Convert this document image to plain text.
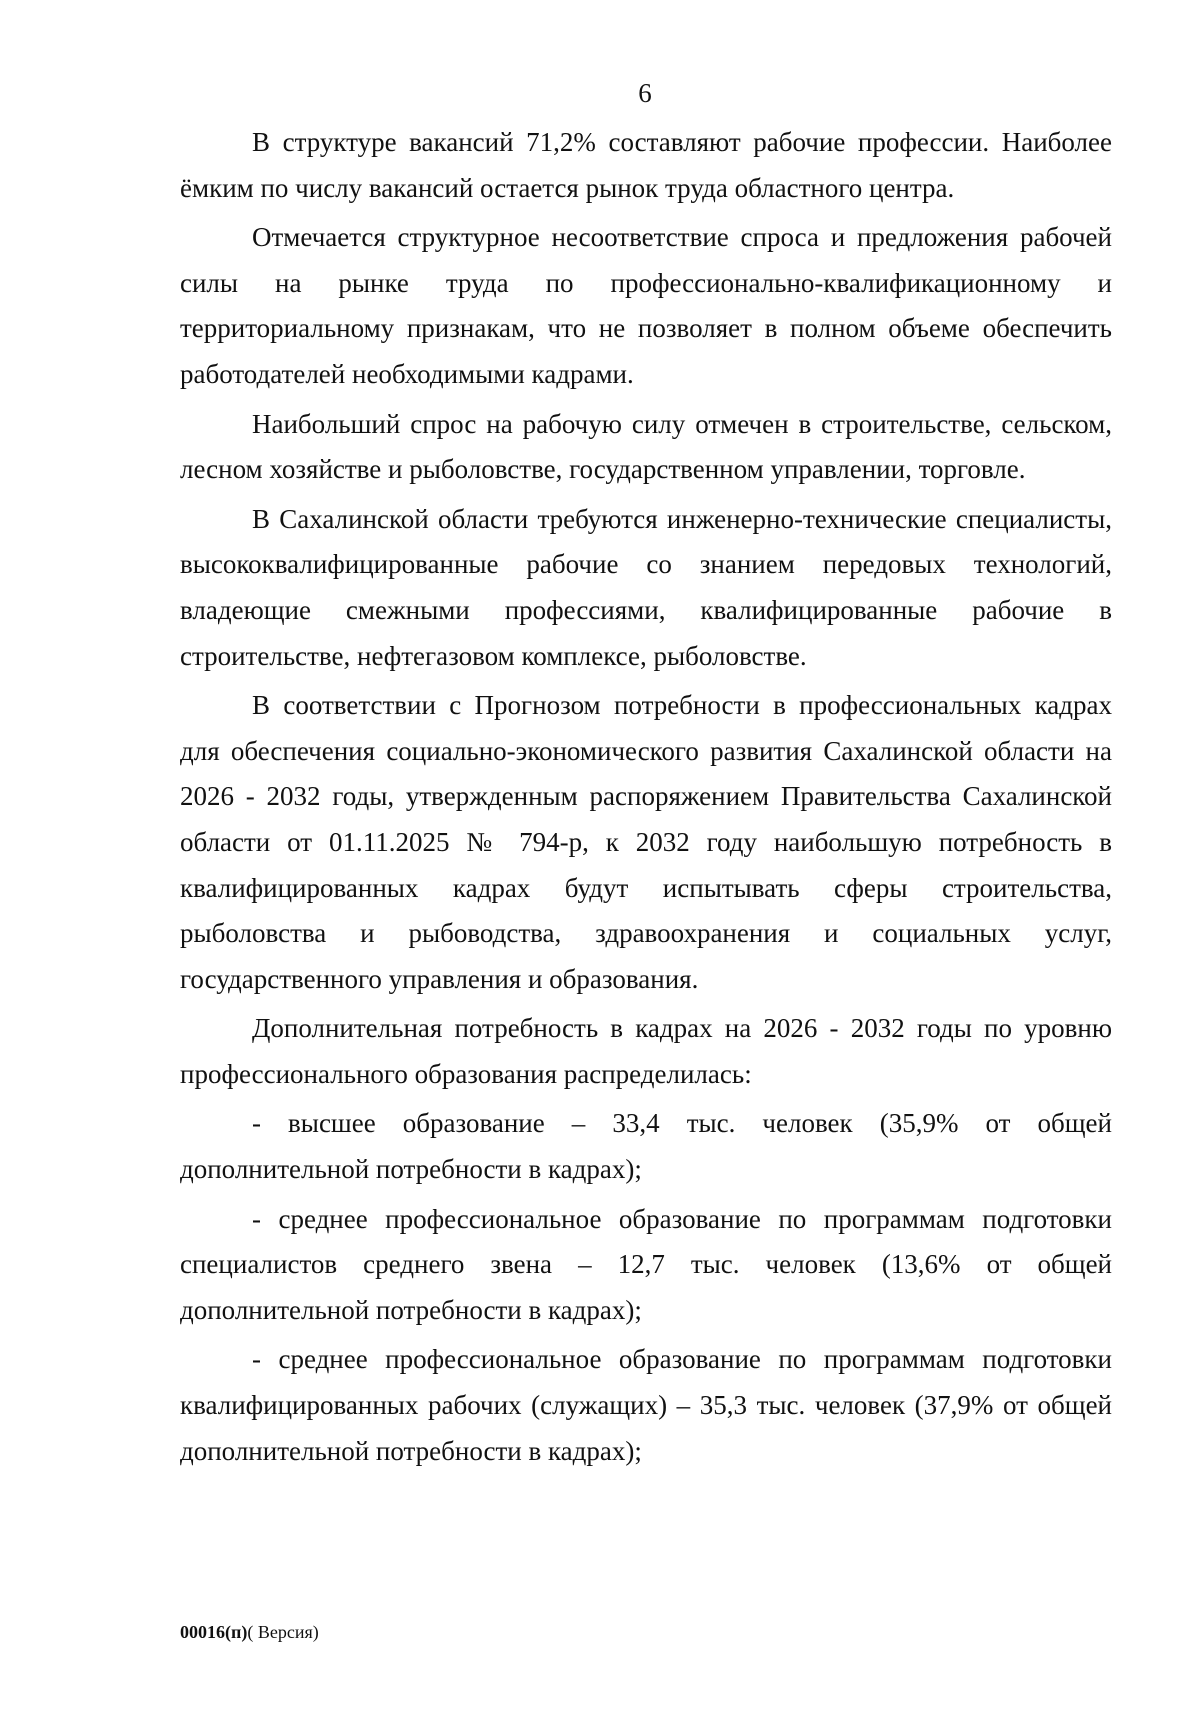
6

В структуре вакансий 71,2% составляют рабочие профессии. Наиболее ёмким по числу вакансий остается рынок труда областного центра.

Отмечается структурное несоответствие спроса и предложения рабочей силы на рынке труда по профессионально-квалификационному и территориальному признакам, что не позволяет в полном объеме обеспечить работодателей необходимыми кадрами.

Наибольший спрос на рабочую силу отмечен в строительстве, сельском, лесном хозяйстве и рыболовстве, государственном управлении, торговле.

В Сахалинской области требуются инженерно-технические специалисты, высококвалифицированные рабочие со знанием передовых технологий, владеющие смежными профессиями, квалифицированные рабочие в строительстве, нефтегазовом комплексе, рыболовстве.

В соответствии с Прогнозом потребности в профессиональных кадрах для обеспечения социально-экономического развития Сахалинской области на 2026 - 2032 годы, утвержденным распоряжением Правительства Сахалинской области от 01.11.2025 № 794-р, к 2032 году наибольшую потребность в квалифицированных кадрах будут испытывать сферы строительства, рыболовства и рыбоводства, здравоохранения и социальных услуг, государственного управления и образования.

Дополнительная потребность в кадрах на 2026 - 2032 годы по уровню профессионального образования распределилась:

- высшее образование – 33,4 тыс. человек (35,9% от общей дополнительной потребности в кадрах);

- среднее профессиональное образование по программам подготовки специалистов среднего звена – 12,7 тыс. человек (13,6% от общей дополнительной потребности в кадрах);

- среднее профессиональное образование по программам подготовки квалифицированных рабочих (служащих) – 35,3 тыс. человек (37,9% от общей дополнительной потребности в кадрах);

00016(п)( Версия)
